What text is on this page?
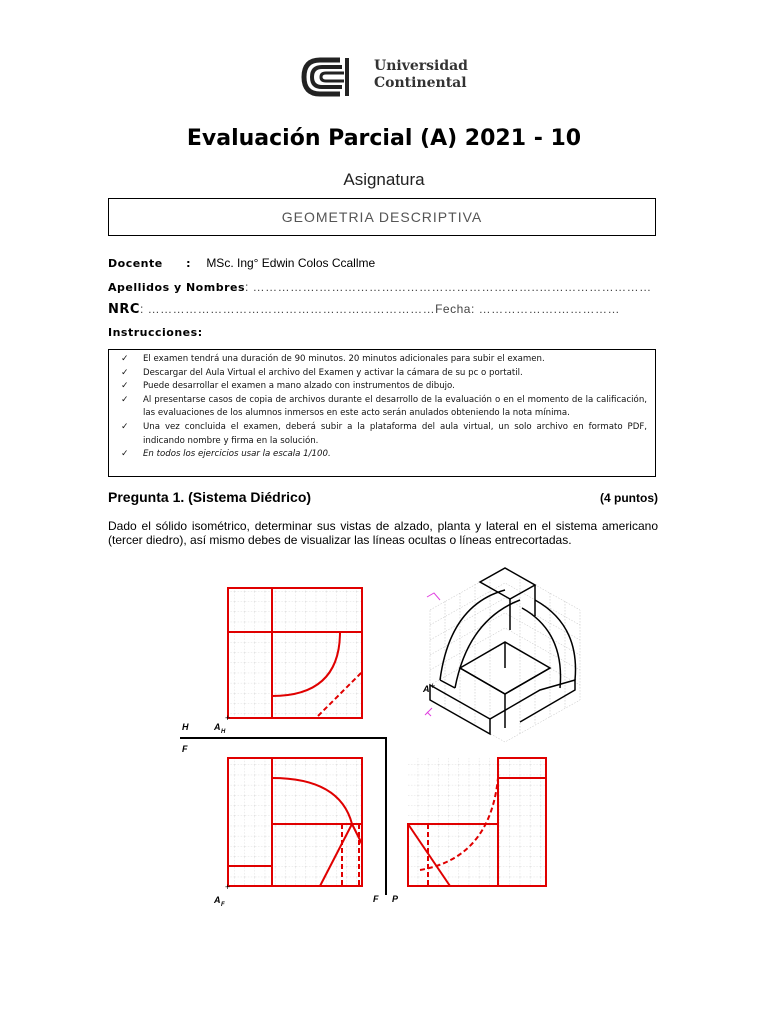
Universidad
Continental
Evaluación Parcial (A) 2021 - 10
Asignatura
GEOMETRIA DESCRIPTIVA
Docente : MSc. Ing° Edwin Colos Ccallme
Apellidos y Nombres: …………….……………………………………………..………………………
NRC: ……………………………………………………………Fecha: ……………….……………
Instrucciones:
✓ El examen tendrá una duración de 90 minutos. 20 minutos adicionales para subir el examen.
✓ Descargar del Aula Virtual el archivo del Examen y activar la cámara de su pc o portatil.
✓ Puede desarrollar el examen a mano alzado con instrumentos de dibujo.
✓ Al presentarse casos de copia de archivos durante el desarrollo de la evaluación o en el momento de la calificación, las evaluaciones de los alumnos inmersos en este acto serán anulados obteniendo la nota mínima.
✓ Una vez concluida el examen, deberá subir a la plataforma del aula virtual, un solo archivo en formato PDF, indicando nombre y firma en la solución.
✓ En todos los ejercicios usar la escala 1/100.
Pregunta 1. (Sistema Diédrico)	(4 puntos)
Dado el sólido isométrico, determinar sus vistas de alzado, planta y lateral en el sistema americano (tercer diedro), así mismo debes de visualizar las líneas ocultas o líneas entrecortadas.
A H
+
H
F
F P
A F
+
A +
